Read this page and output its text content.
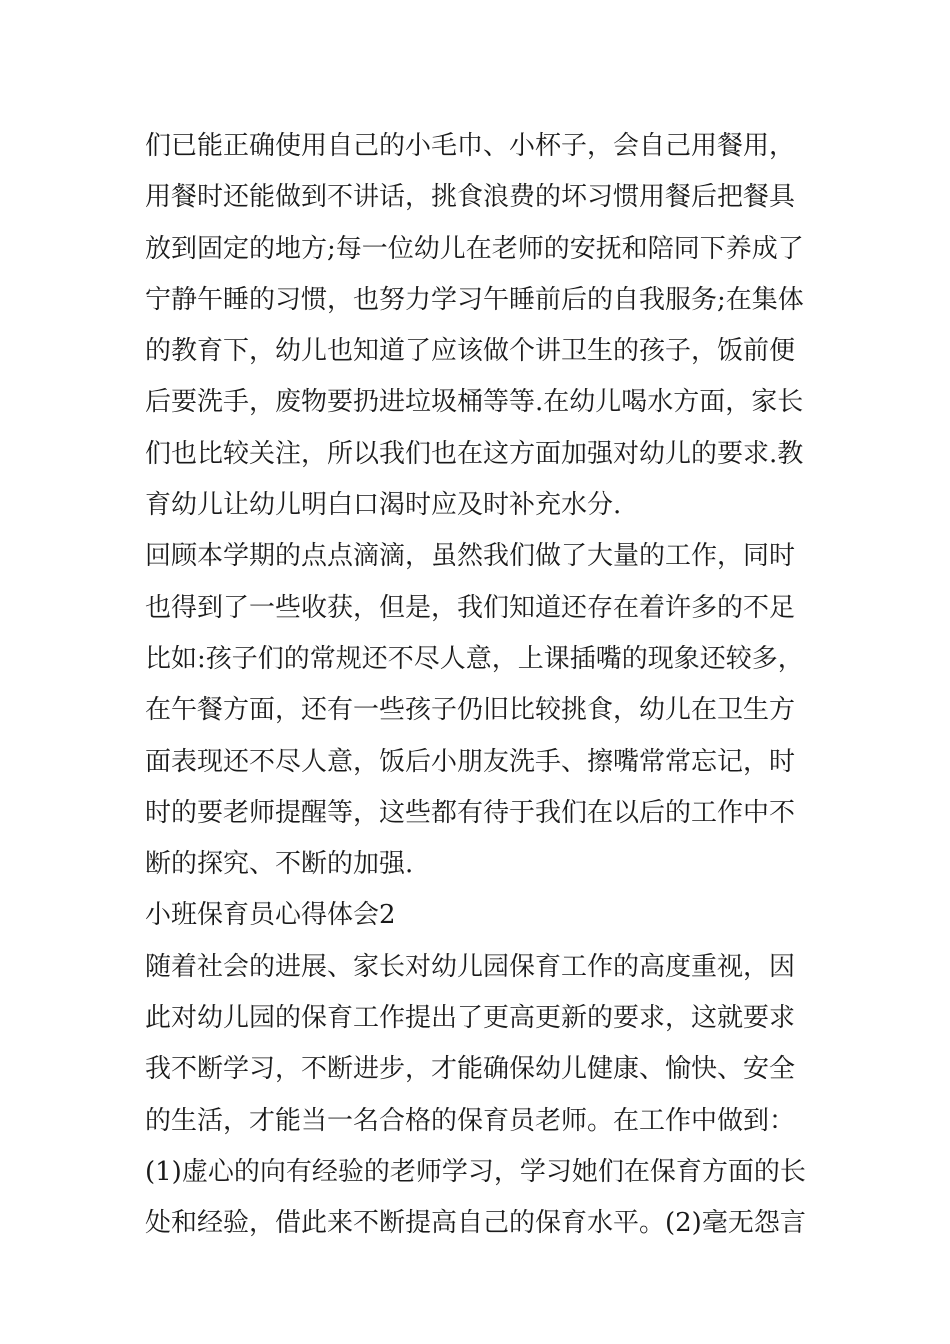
们已能正确使用自己的小毛巾、小杯子，会自己用餐用，
用餐时还能做到不讲话，挑食浪费的坏习惯用餐后把餐具
放到固定的地方;每一位幼儿在老师的安抚和陪同下养成了
宁静午睡的习惯，也努力学习午睡前后的自我服务;在集体
的教育下，幼儿也知道了应该做个讲卫生的孩子，饭前便
后要洗手，废物要扔进垃圾桶等等.在幼儿喝水方面，家长
们也比较关注，所以我们也在这方面加强对幼儿的要求.教
育幼儿让幼儿明白口渴时应及时补充水分.
回顾本学期的点点滴滴，虽然我们做了大量的工作，同时
也得到了一些收获，但是，我们知道还存在着许多的不足
比如:孩子们的常规还不尽人意，上课插嘴的现象还较多，
在午餐方面，还有一些孩子仍旧比较挑食，幼儿在卫生方
面表现还不尽人意，饭后小朋友洗手、擦嘴常常忘记，时
时的要老师提醒等，这些都有待于我们在以后的工作中不
断的探究、不断的加强.
小班保育员心得体会2
随着社会的进展、家长对幼儿园保育工作的高度重视，因
此对幼儿园的保育工作提出了更高更新的要求，这就要求
我不断学习，不断进步，才能确保幼儿健康、愉快、安全
的生活，才能当一名合格的保育员老师。在工作中做到：
(1)虚心的向有经验的老师学习，学习她们在保育方面的长
处和经验，借此来不断提高自己的保育水平。(2)毫无怨言
